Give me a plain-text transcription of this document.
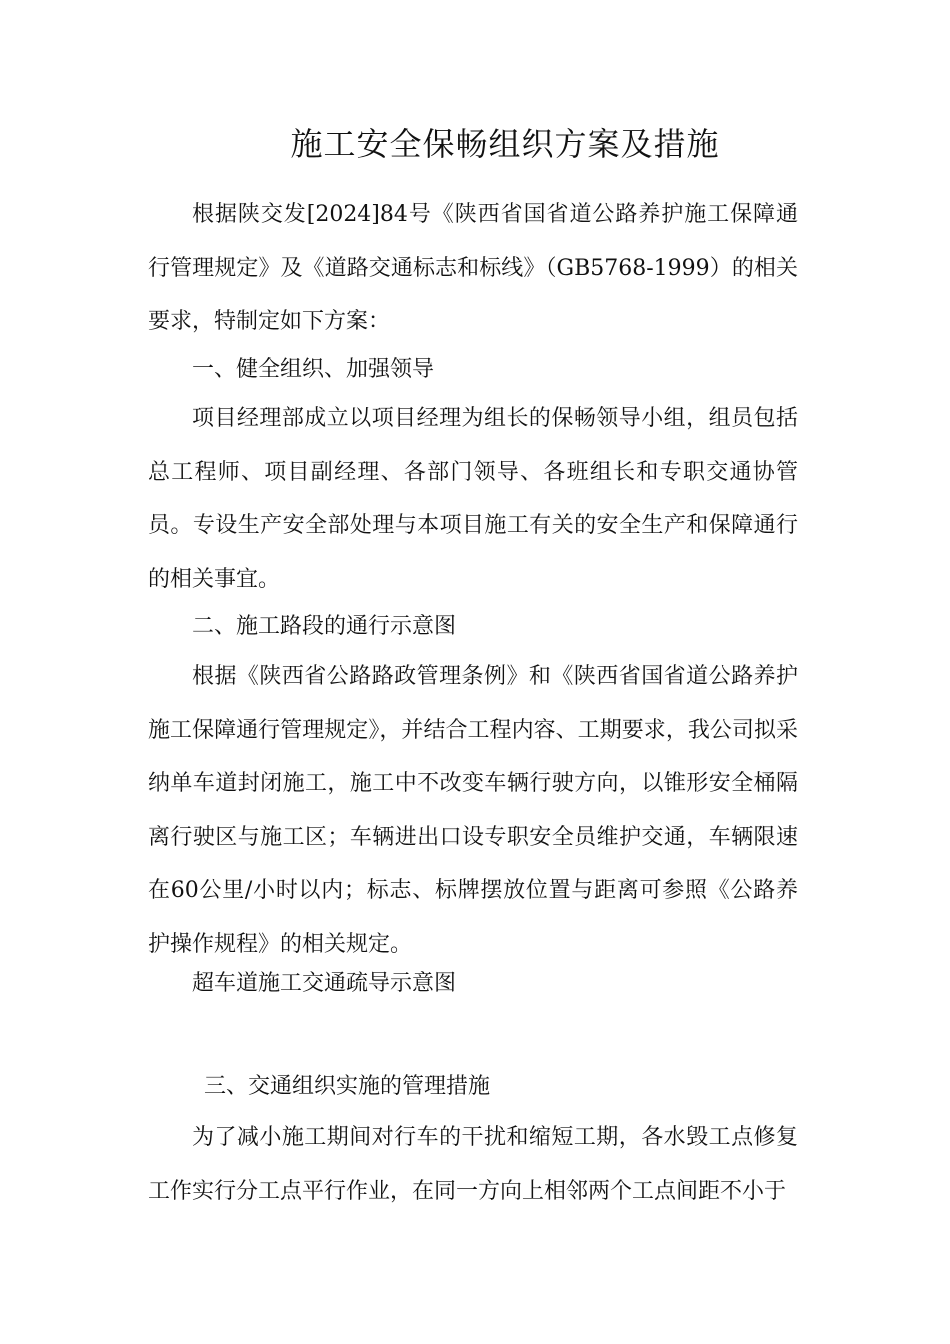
施工安全保畅组织方案及措施

根据陕交发[2024]84号《陕西省国省道公路养护施工保障通行管理规定》及《道路交通标志和标线》（GB5768-1999）的相关要求，特制定如下方案：

一、健全组织、加强领导

项目经理部成立以项目经理为组长的保畅领导小组，组员包括总工程师、项目副经理、各部门领导、各班组长和专职交通协管员。专设生产安全部处理与本项目施工有关的安全生产和保障通行的相关事宜。

二、施工路段的通行示意图

根据《陕西省公路路政管理条例》和《陕西省国省道公路养护施工保障通行管理规定》，并结合工程内容、工期要求，我公司拟采纳单车道封闭施工，施工中不改变车辆行驶方向，以锥形安全桶隔离行驶区与施工区；车辆进出口设专职安全员维护交通，车辆限速在60公里/小时以内；标志、标牌摆放位置与距离可参照《公路养护操作规程》的相关规定。

超车道施工交通疏导示意图
三、交通组织实施的管理措施

为了减小施工期间对行车的干扰和缩短工期，各水毁工点修复工作实行分工点平行作业，在同一方向上相邻两个工点间距不小于
